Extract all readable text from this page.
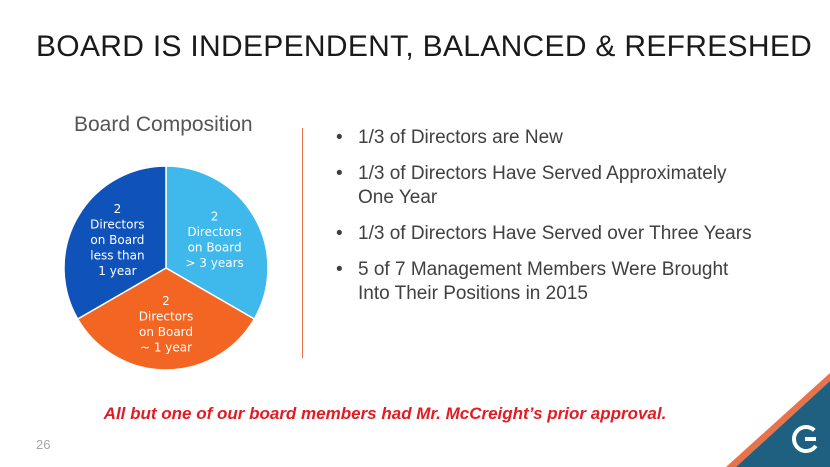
BOARD IS INDEPENDENT, BALANCED & REFRESHED
Board Composition
2 Directors on Board > 3 years
2 Directors on Board ~ 1 year
2 Directors on Board less than 1 year
• 1/3 of Directors are New
• 1/3 of Directors Have Served Approximately One Year
• 1/3 of Directors Have Served over Three Years
• 5 of 7 Management Members Were Brought Into Their Positions in 2015
All but one of our board members had Mr. McCreight’s prior approval.
26
